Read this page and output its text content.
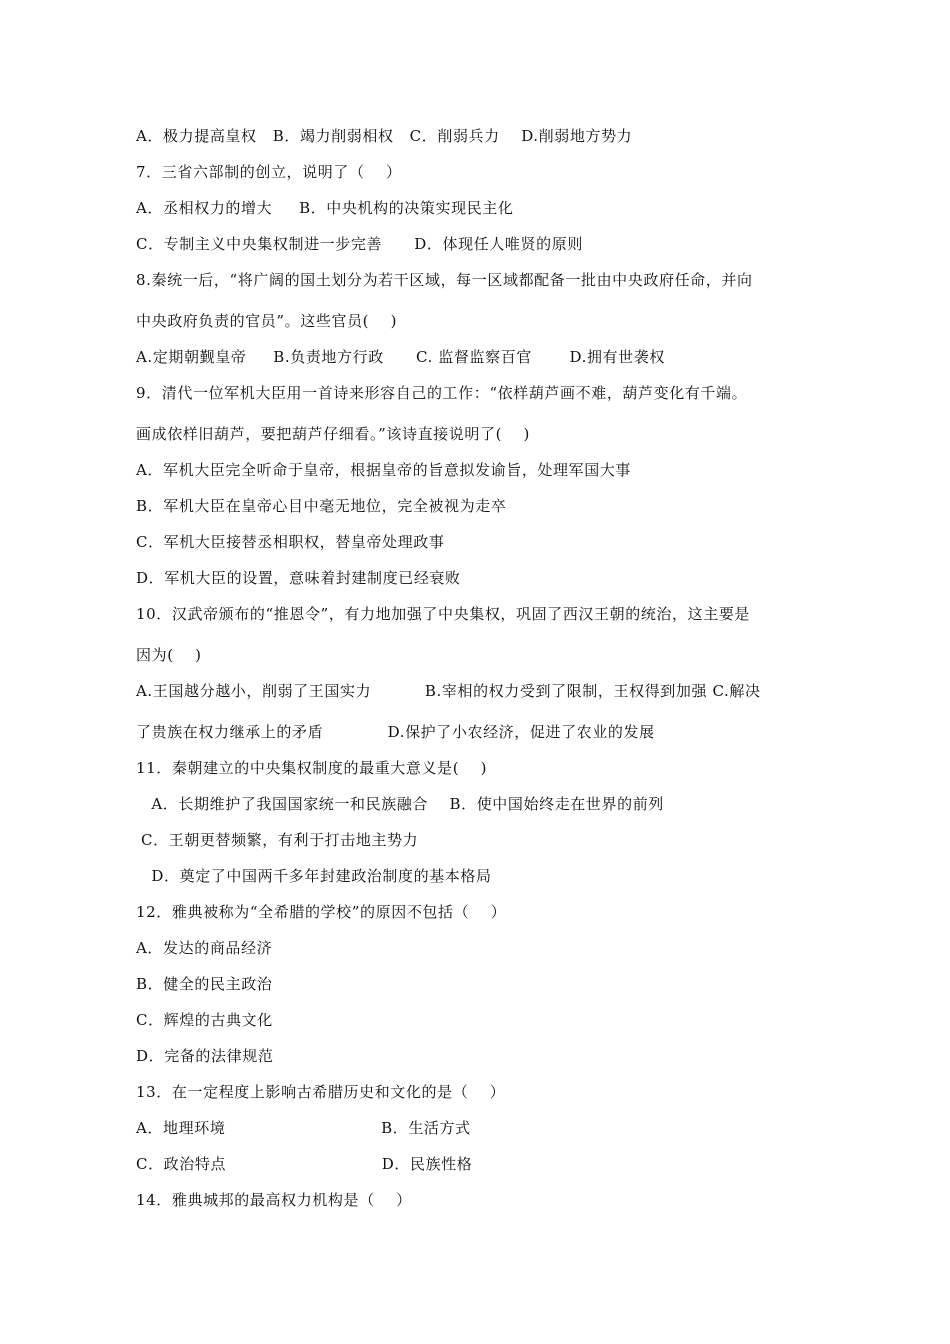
A．极力提高皇权   B．竭力削弱相权   C．削弱兵力    D.削弱地方势力
7．三省六部制的创立，说明了（    ）
A．丞相权力的增大     B．中央机构的决策实现民主化
C．专制主义中央集权制进一步完善      D．体现任人唯贤的原则
8.秦统一后，“将广阔的国土划分为若干区域，每一区域都配备一批由中央政府任命，并向
中央政府负责的官员”。这些官员(    )
A.定期朝觐皇帝     B.负责地方行政      C. 监督监察百官       D.拥有世袭权
9．清代一位军机大臣用一首诗来形容自己的工作：“依样葫芦画不难，葫芦变化有千端。
画成依样旧葫芦，要把葫芦仔细看。”该诗直接说明了(    )
A．军机大臣完全听命于皇帝，根据皇帝的旨意拟发谕旨，处理军国大事
B．军机大臣在皇帝心目中毫无地位，完全被视为走卒
C．军机大臣接替丞相职权，替皇帝处理政事
D．军机大臣的设置，意味着封建制度已经衰败
10．汉武帝颁布的“推恩令”，有力地加强了中央集权，巩固了西汉王朝的统治，这主要是
因为(    )
A.王国越分越小，削弱了王国实力          B.宰相的权力受到了限制，王权得到加强 C.解决
了贵族在权力继承上的矛盾            D.保护了小农经济，促进了农业的发展
11．秦朝建立的中央集权制度的最重大意义是(    )
A．长期维护了我国国家统一和民族融合    B．使中国始终走在世界的前列
C．王朝更替频繁，有利于打击地主势力
D．奠定了中国两千多年封建政治制度的基本格局
12．雅典被称为“全希腊的学校”的原因不包括（    ）
A．发达的商品经济
B．健全的民主政治
C．辉煌的古典文化
D．完备的法律规范
13．在一定程度上影响古希腊历史和文化的是（    ）
A．地理环境                             B．生活方式
C．政治特点                             D．民族性格
14．雅典城邦的最高权力机构是（    ）
